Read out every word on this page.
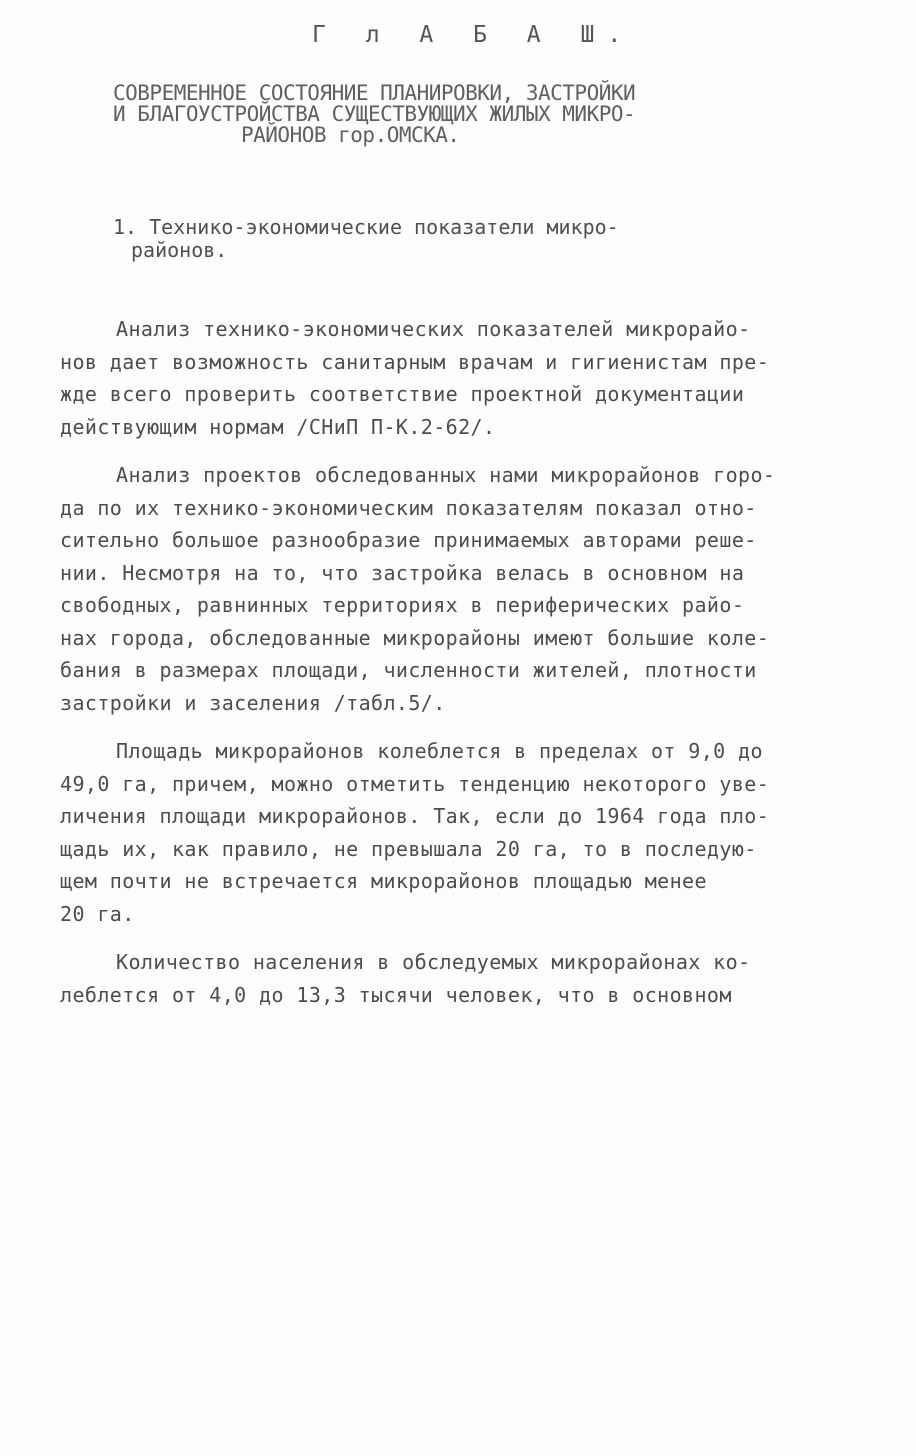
Г л А Б А Ш.
СОВРЕМЕННОЕ СОСТОЯНИЕ ПЛАНИРОВКИ, ЗАСТРОЙКИ
И БЛАГОУСТРОЙСТВА СУЩЕСТВУЮЩИХ ЖИЛЫХ МИКРО-
РАЙОНОВ гор.ОМСКА.
1. Технико-экономические показатели микро-
районов.
Анализ технико-экономических показателей микрорайо-
нов дает возможность санитарным врачам и гигиенистам пре-
жде всего проверить соответствие проектной документации
действующим нормам /СНиП П-К.2-62/.
Анализ проектов обследованных нами микрорайонов горо-
да по их технико-экономическим показателям показал отно-
сительно большое разнообразие принимаемых авторами реше-
нии. Несмотря на то, что застройка велась в основном на
свободных, равнинных территориях в периферических райо-
нах города, обследованные микрорайоны имеют большие коле-
бания в размерах площади, численности жителей, плотности
застройки и заселения /табл.5/.
Площадь микрорайонов колеблется в пределах от 9,0 до
49,0 га, причем, можно отметить тенденцию некоторого уве-
личения площади микрорайонов. Так, если до 1964 года пло-
щадь их, как правило, не превышала 20 га, то в последую-
щем почти не встречается микрорайонов площадью менее
20 га.
Количество населения в обследуемых микрорайонах ко-
леблется от 4,0 до 13,3 тысячи человек, что в основном
